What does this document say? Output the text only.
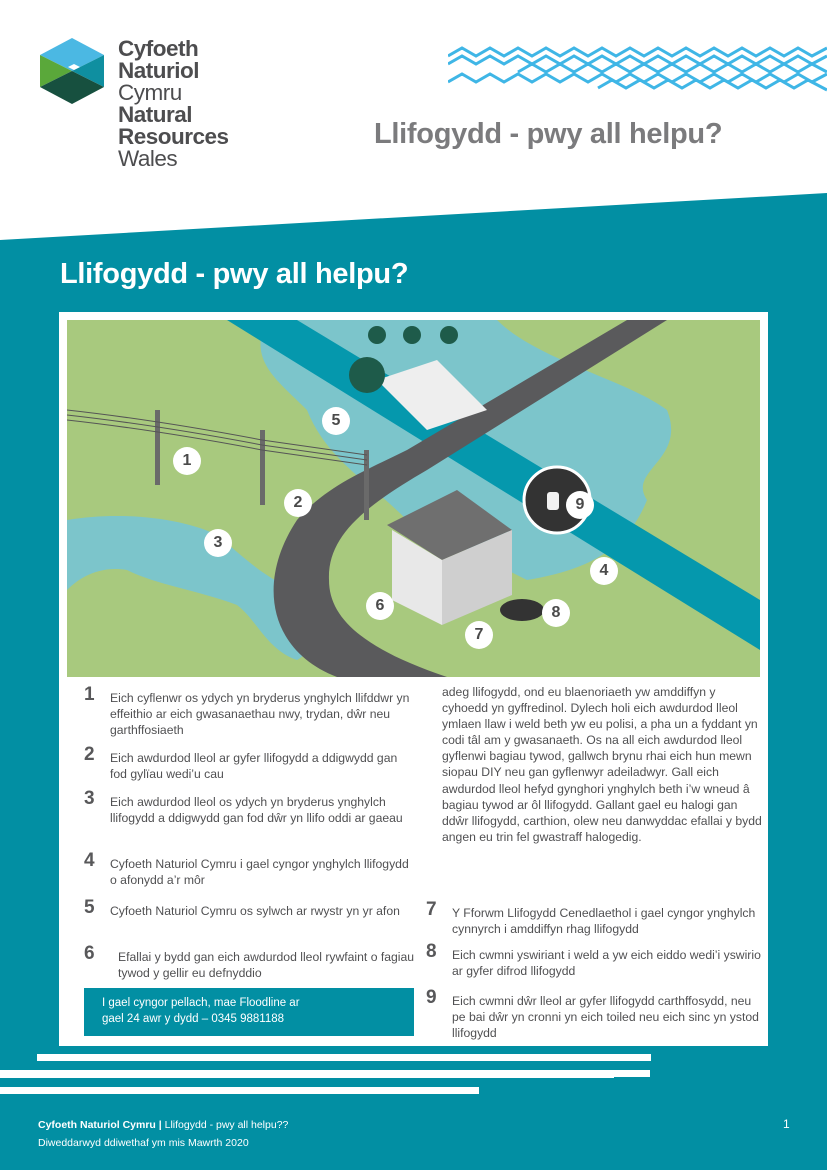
Cyfoeth
Naturiol
Cymru
Natural
Resources
Wales
Llifogydd - pwy all helpu?
Llifogydd - pwy all helpu?
1
2
3
4
5
6
7
8
9
1	Eich cyflenwr os ydych yn bryderus ynghylch llifddwr yn effeithio ar eich gwasanaethau nwy, trydan, dŵr neu garthffosiaeth
2	Eich awdurdod lleol ar gyfer llifogydd a ddigwydd gan fod gylïau wedi’u cau
3	Eich awdurdod lleol os ydych yn bryderus ynghylch llifogydd a ddigwydd gan fod dŵr yn llifo oddi ar gaeau
4	Cyfoeth Naturiol Cymru i gael cyngor ynghylch llifogydd o afonydd a’r môr
5	Cyfoeth Naturiol Cymru os sylwch ar rwystr yn yr afon
6	Efallai y bydd gan eich awdurdod lleol rywfaint o fagiau tywod y gellir eu defnyddio
I gael cyngor pellach, mae Floodline ar
gael 24 awr y dydd – 0345 9881188
adeg llifogydd, ond eu blaenoriaeth yw amddiffyn y cyhoedd yn gyffredinol. Dylech holi eich awdurdod lleol ymlaen llaw i weld beth yw eu polisi, a pha un a fyddant yn codi tâl am y gwasanaeth. Os na all eich awdurdod lleol gyflenwi bagiau tywod, gallwch brynu rhai eich hun mewn siopau DIY neu gan gyflenwyr adeiladwyr. Gall eich awdurdod lleol hefyd gynghori ynghylch beth i’w wneud â bagiau tywod ar ôl llifogydd. Gallant gael eu halogi gan ddŵr llifogydd, carthion, olew neu danwyddac efallai y bydd angen eu trin fel gwastraff halogedig.
7	Y Fforwm Llifogydd Cenedlaethol i gael cyngor ynghylch cynnyrch i amddiffyn rhag llifogydd
8	Eich cwmni yswiriant i weld a yw eich eiddo wedi’i yswirio ar gyfer difrod llifogydd
9	Eich cwmni dŵr lleol ar gyfer llifogydd carthffosydd, neu pe bai dŵr yn cronni yn eich toiled neu eich sinc yn ystod llifogydd
Cyfoeth Naturiol Cymru | Llifogydd - pwy all helpu??
Diweddarwyd ddiwethaf ym mis Mawrth 2020
1
